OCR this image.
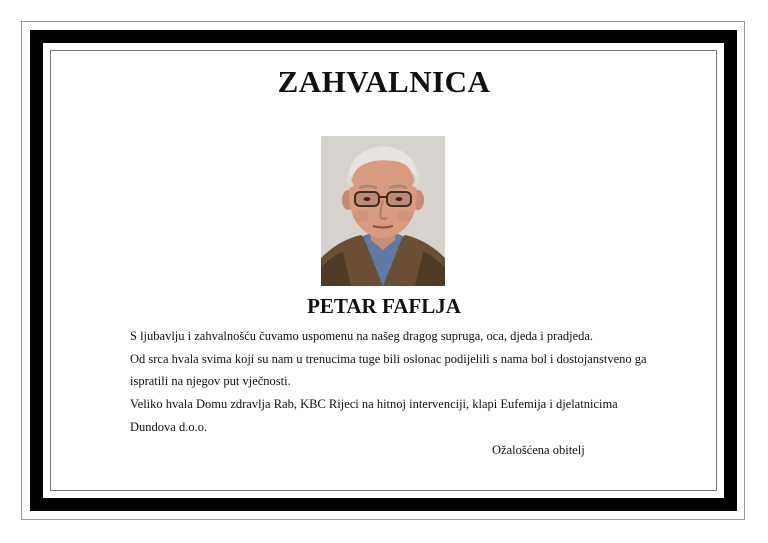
ZAHVALNICA
PETAR FAFLJA

S ljubavlju i zahvalnošću čuvamo uspomenu na našeg dragog supruga, oca, djeda i pradjeda.

Od srca hvala svima koji su nam u trenucima tuge bili oslonac podijelili s nama bol i dostojanstveno ga ispratili na njegov put vječnosti.

Veliko hvala Domu zdravlja Rab, KBC Rijeci na hitnoj intervenciji, klapi Eufemija i djelatnicima Dundova d.o.o.

Ožalošćena obitelj
